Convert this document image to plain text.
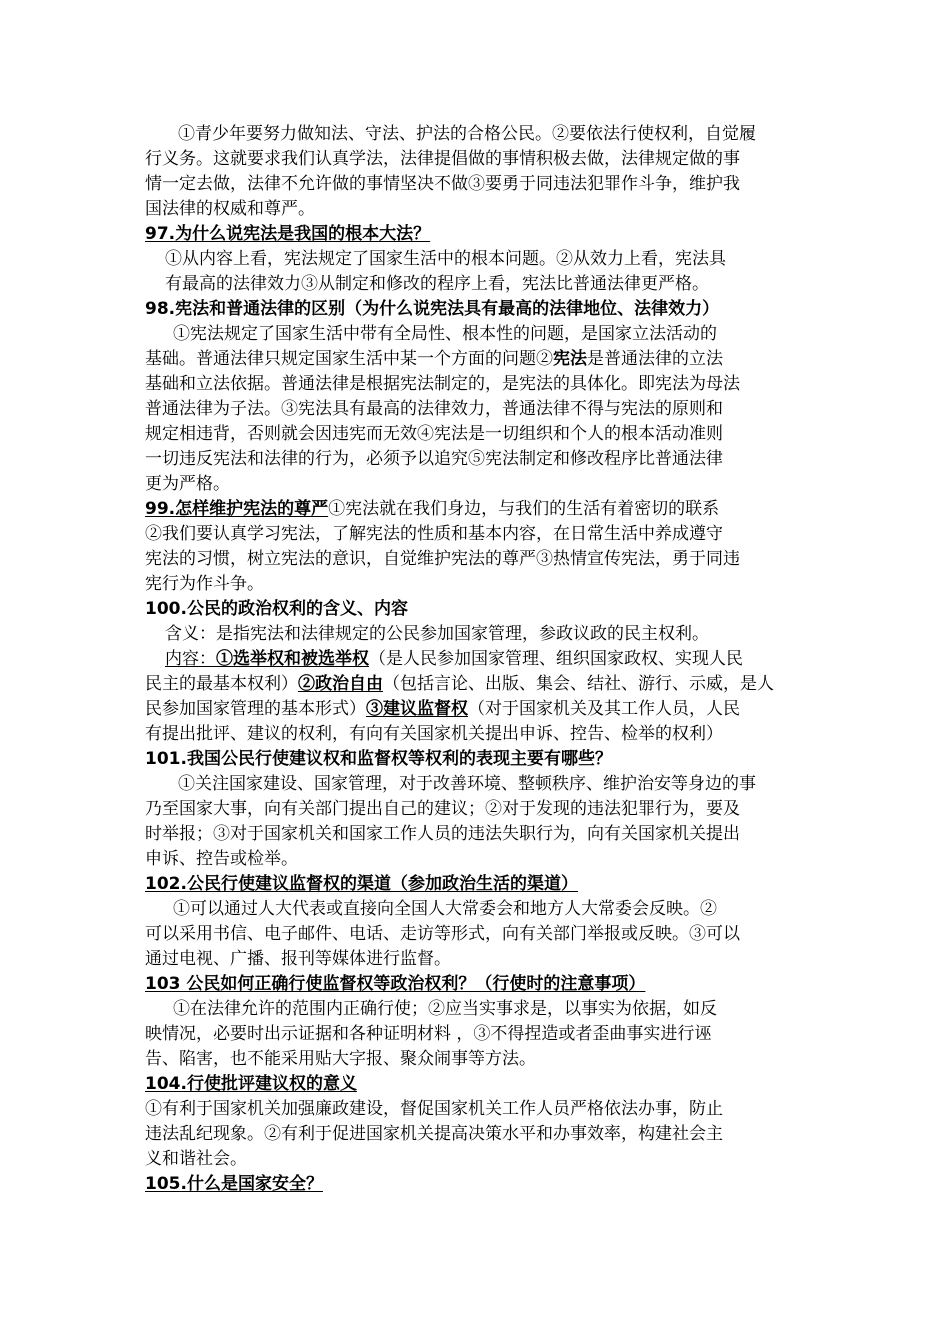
①青少年要努力做知法、守法、护法的合格公民。②要依法行使权利，自觉履
行义务。这就要求我们认真学法，法律提倡做的事情积极去做，法律规定做的事
情一定去做，法律不允许做的事情坚决不做③要勇于同违法犯罪作斗争，维护我
国法律的权威和尊严。
97.为什么说宪法是我国的根本大法？
①从内容上看，宪法规定了国家生活中的根本问题。②从效力上看，宪法具
有最高的法律效力③从制定和修改的程序上看，宪法比普通法律更严格。
98.宪法和普通法律的区别（为什么说宪法具有最高的法律地位、法律效力）
①宪法规定了国家生活中带有全局性、根本性的问题，是国家立法活动的
基础。普通法律只规定国家生活中某一个方面的问题②宪法是普通法律的立法
基础和立法依据。普通法律是根据宪法制定的，是宪法的具体化。即宪法为母法
普通法律为子法。③宪法具有最高的法律效力，普通法律不得与宪法的原则和
规定相违背，否则就会因违宪而无效④宪法是一切组织和个人的根本活动准则
一切违反宪法和法律的行为，必须予以追究⑤宪法制定和修改程序比普通法律
更为严格。
99.怎样维护宪法的尊严①宪法就在我们身边，与我们的生活有着密切的联系
②我们要认真学习宪法，了解宪法的性质和基本内容，在日常生活中养成遵守
宪法的习惯，树立宪法的意识，自觉维护宪法的尊严③热情宣传宪法，勇于同违
宪行为作斗争。
100.公民的政治权利的含义、内容
含义：是指宪法和法律规定的公民参加国家管理，参政议政的民主权利。
内容：①选举权和被选举权（是人民参加国家管理、组织国家政权、实现人民
民主的最基本权利）②政治自由（包括言论、出版、集会、结社、游行、示威，是人
民参加国家管理的基本形式）③建议监督权（对于国家机关及其工作人员，人民
有提出批评、建议的权利，有向有关国家机关提出申诉、控告、检举的权利）
101.我国公民行使建议权和监督权等权利的表现主要有哪些？
①关注国家建设、国家管理，对于改善环境、整顿秩序、维护治安等身边的事
乃至国家大事，向有关部门提出自己的建议；②对于发现的违法犯罪行为，要及
时举报；③对于国家机关和国家工作人员的违法失职行为，向有关国家机关提出
申诉、控告或检举。
102.公民行使建议监督权的渠道（参加政治生活的渠道）
①可以通过人大代表或直接向全国人大常委会和地方人大常委会反映。②
可以采用书信、电子邮件、电话、走访等形式，向有关部门举报或反映。③可以
通过电视、广播、报刊等媒体进行监督。
103 公民如何正确行使监督权等政治权利？（行使时的注意事项）
①在法律允许的范围内正确行使；②应当实事求是，以事实为依据，如反
映情况，必要时出示证据和各种证明材料 ，③不得捏造或者歪曲事实进行诬
告、陷害，也不能采用贴大字报、聚众闹事等方法。
104.行使批评建议权的意义
①有利于国家机关加强廉政建设，督促国家机关工作人员严格依法办事，防止
违法乱纪现象。②有利于促进国家机关提高决策水平和办事效率，构建社会主
义和谐社会。
105.什么是国家安全？
